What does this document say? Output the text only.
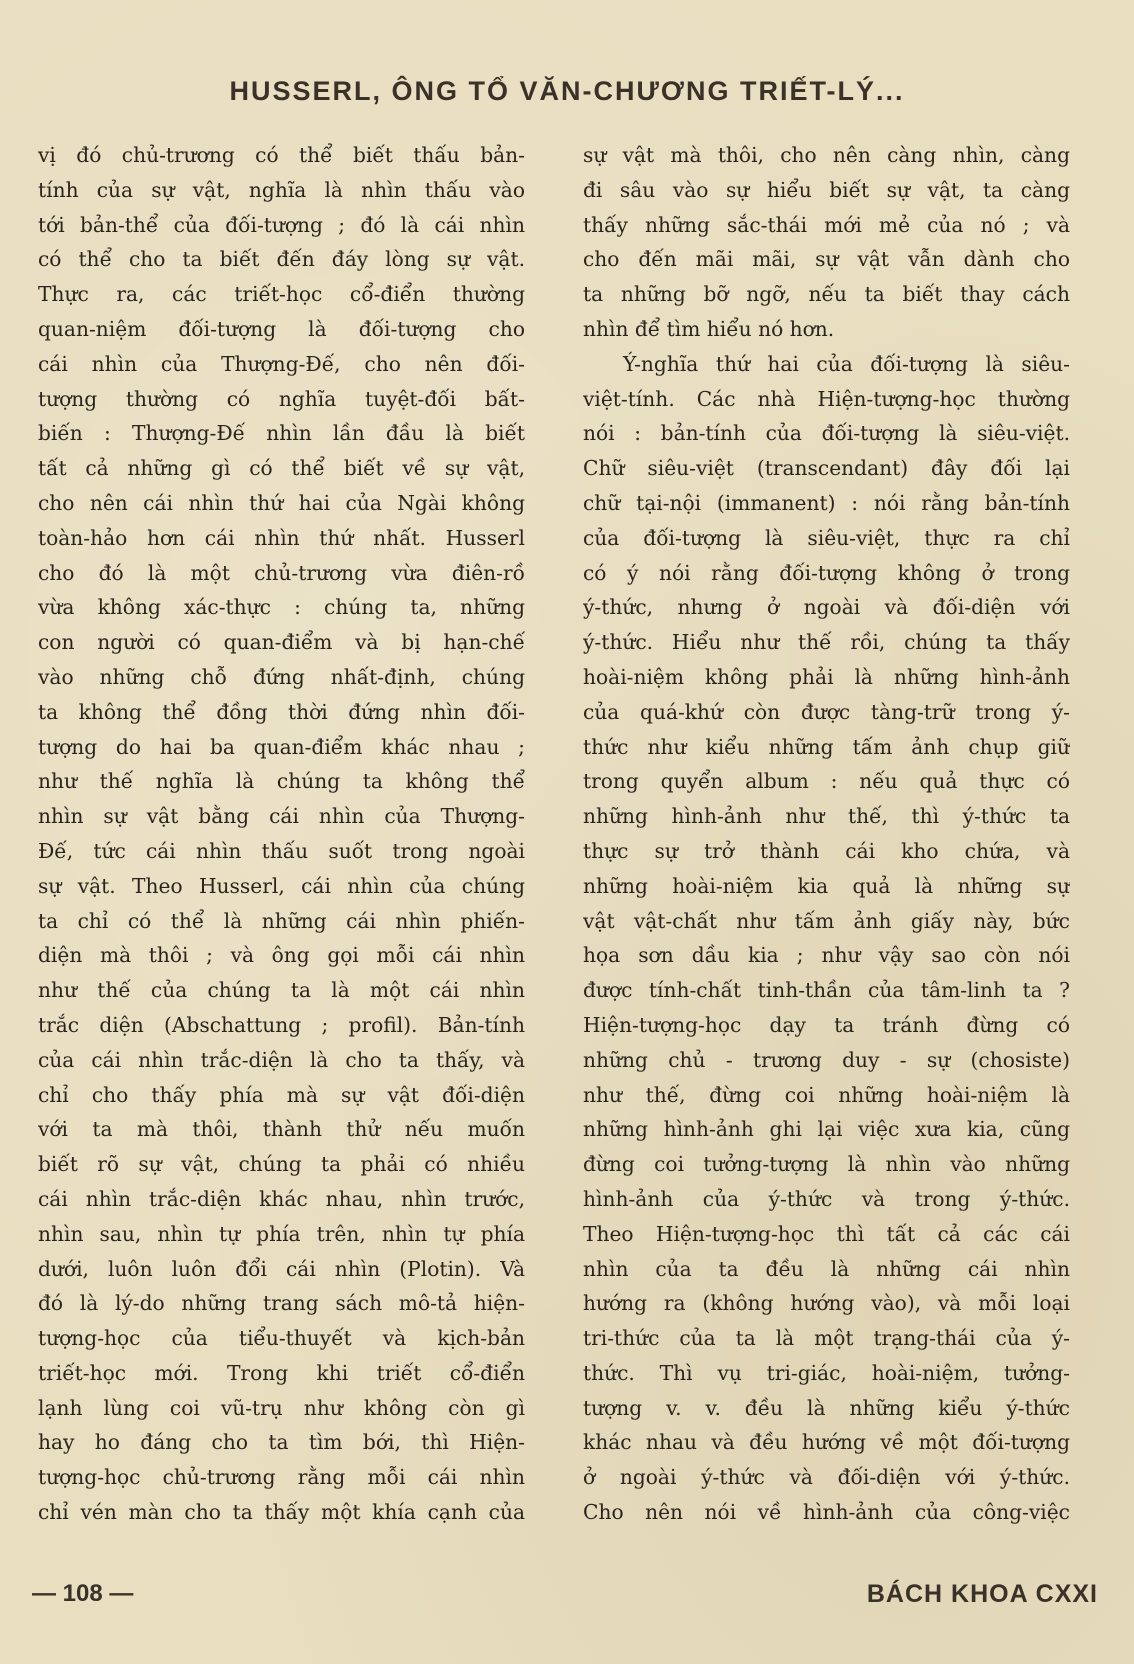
HUSSERL, ÔNG TỔ VĂN-CHƯƠNG TRIẾT-LÝ...
vị đó chủ-trương có thể biết thấu bản-
tính của sự vật, nghĩa là nhìn thấu vào
tới bản-thể của đối-tượng ; đó là cái nhìn
có thể cho ta biết đến đáy lòng sự vật.
Thực ra, các triết-học cổ-điển thường
quan-niệm đối-tượng là đối-tượng cho
cái nhìn của Thượng-Đế, cho nên đối-
tượng thường có nghĩa tuyệt-đối bất-
biến : Thượng-Đế nhìn lần đầu là biết
tất cả những gì có thể biết về sự vật,
cho nên cái nhìn thứ hai của Ngài không
toàn-hảo hơn cái nhìn thứ nhất. Husserl
cho đó là một chủ-trương vừa điên-rồ
vừa không xác-thực : chúng ta, những
con người có quan-điểm và bị hạn-chế
vào những chỗ đứng nhất-định, chúng
ta không thể đồng thời đứng nhìn đối-
tượng do hai ba quan-điểm khác nhau ;
như thế nghĩa là chúng ta không thể
nhìn sự vật bằng cái nhìn của Thượng-
Đế, tức cái nhìn thấu suốt trong ngoài
sự vật. Theo Husserl, cái nhìn của chúng
ta chỉ có thể là những cái nhìn phiến-
diện mà thôi ; và ông gọi mỗi cái nhìn
như thế của chúng ta là một cái nhìn
trắc diện (Abschattung ; profil). Bản-tính
của cái nhìn trắc-diện là cho ta thấy, và
chỉ cho thấy phía mà sự vật đối-diện
với ta mà thôi, thành thử nếu muốn
biết rõ sự vật, chúng ta phải có nhiều
cái nhìn trắc-diện khác nhau, nhìn trước,
nhìn sau, nhìn tự phía trên, nhìn tự phía
dưới, luôn luôn đổi cái nhìn (Plotin). Và
đó là lý-do những trang sách mô-tả hiện-
tượng-học của tiểu-thuyết và kịch-bản
triết-học mới. Trong khi triết cổ-điển
lạnh lùng coi vũ-trụ như không còn gì
hay ho đáng cho ta tìm bới, thì Hiện-
tượng-học chủ-trương rằng mỗi cái nhìn
chỉ vén màn cho ta thấy một khía cạnh của
sự vật mà thôi, cho nên càng nhìn, càng
đi sâu vào sự hiểu biết sự vật, ta càng
thấy những sắc-thái mới mẻ của nó ; và
cho đến mãi mãi, sự vật vẫn dành cho
ta những bỡ ngỡ, nếu ta biết thay cách
nhìn để tìm hiểu nó hơn.
Ý-nghĩa thứ hai của đối-tượng là siêu-
việt-tính. Các nhà Hiện-tượng-học thường
nói : bản-tính của đối-tượng là siêu-việt.
Chữ siêu-việt (transcendant) đây đối lại
chữ tại-nội (immanent) : nói rằng bản-tính
của đối-tượng là siêu-việt, thực ra chỉ
có ý nói rằng đối-tượng không ở trong
ý-thức, nhưng ở ngoài và đối-diện với
ý-thức. Hiểu như thế rồi, chúng ta thấy
hoài-niệm không phải là những hình-ảnh
của quá-khứ còn được tàng-trữ trong ý-
thức như kiểu những tấm ảnh chụp giữ
trong quyển album : nếu quả thực có
những hình-ảnh như thế, thì ý-thức ta
thực sự trở thành cái kho chứa, và
những hoài-niệm kia quả là những sự
vật vật-chất như tấm ảnh giấy này, bức
họa sơn dầu kia ; như vậy sao còn nói
được tính-chất tinh-thần của tâm-linh ta ?
Hiện-tượng-học dạy ta tránh đừng có
những chủ - trương duy - sự (chosiste)
như thế, đừng coi những hoài-niệm là
những hình-ảnh ghi lại việc xưa kia, cũng
đừng coi tưởng-tượng là nhìn vào những
hình-ảnh của ý-thức và trong ý-thức.
Theo Hiện-tượng-học thì tất cả các cái
nhìn của ta đều là những cái nhìn
hướng ra (không hướng vào), và mỗi loại
tri-thức của ta là một trạng-thái của ý-
thức. Thì vụ tri-giác, hoài-niệm, tưởng-
tượng v. v. đều là những kiểu ý-thức
khác nhau và đều hướng về một đối-tượng
ở ngoài ý-thức và đối-diện với ý-thức.
Cho nên nói về hình-ảnh của công-việc
— 108 —	BÁCH KHOA CXXI
